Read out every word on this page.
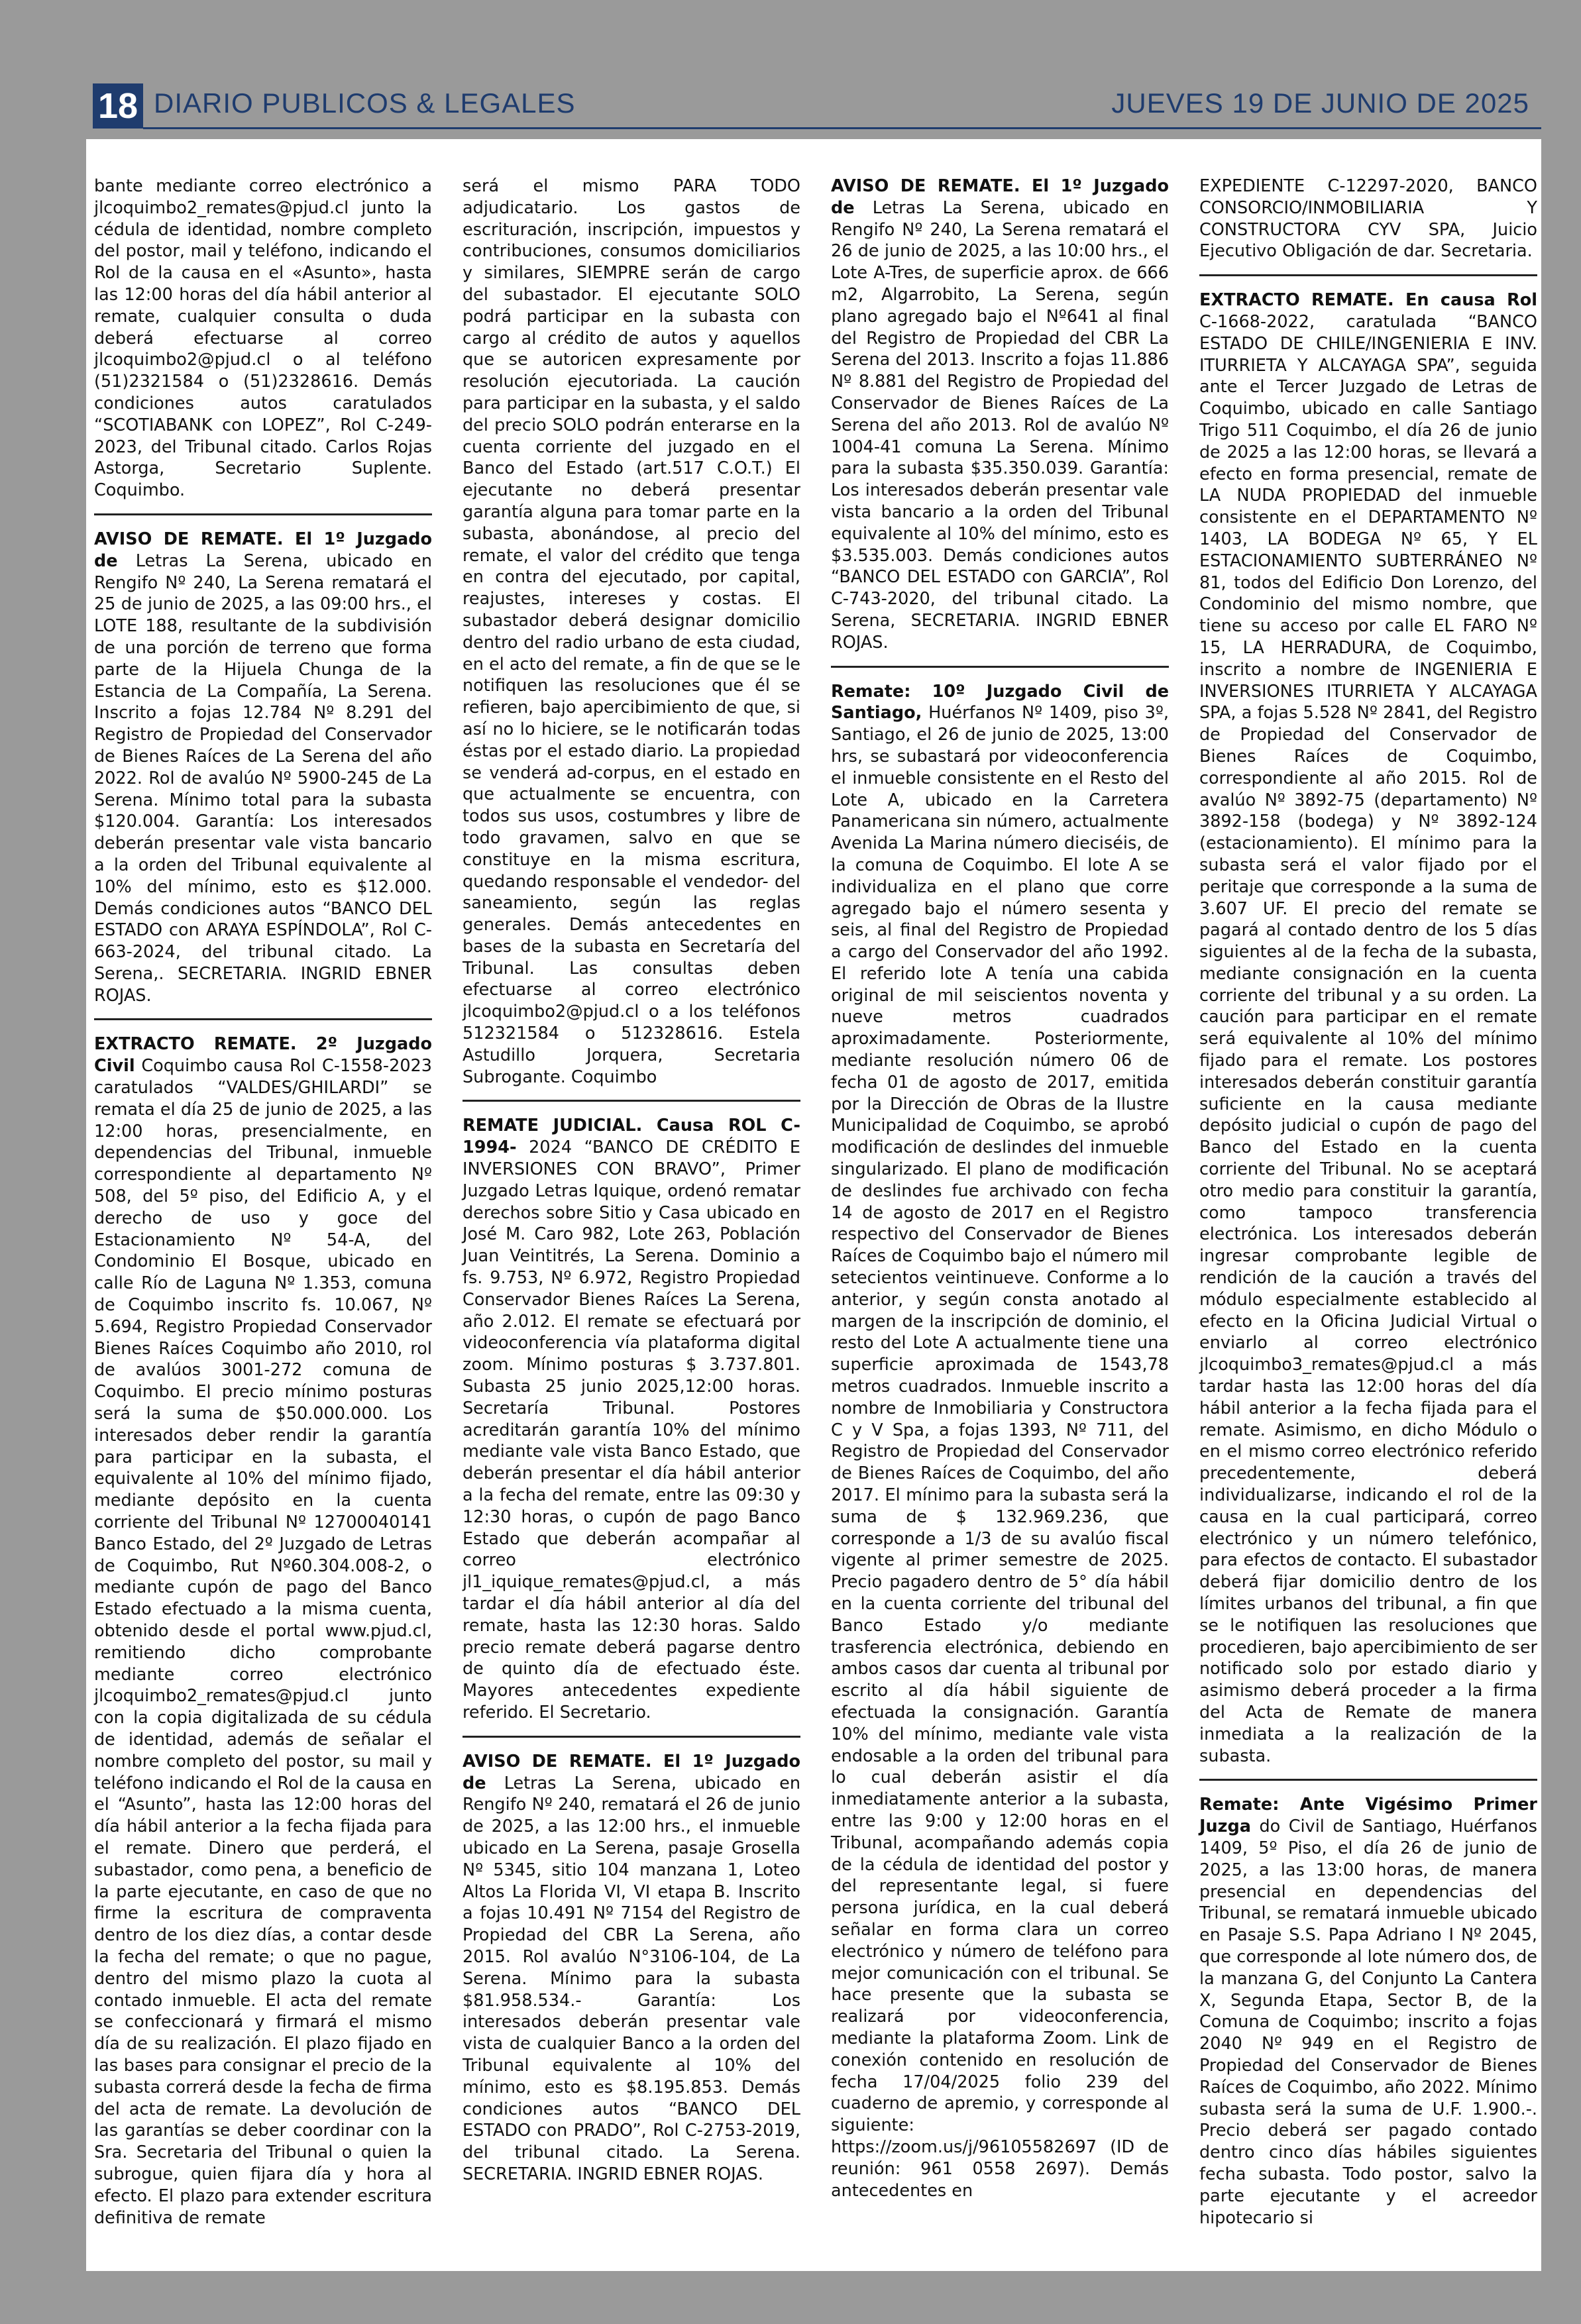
18 DIARIO PUBLICOS & LEGALES	JUEVES 19 DE JUNIO DE 2025
bante mediante correo electrónico a jlcoquimbo2_remates@pjud.cl junto la cédula de identidad, nombre completo del postor, mail y teléfono, indicando el Rol de la causa en el «Asunto», hasta las 12:00 horas del día hábil anterior al remate, cualquier consulta o duda deberá efectuarse al correo jlcoquimbo2@pjud.cl o al teléfono (51)2321584 o (51)2328616. Demás condiciones autos caratulados “SCOTIABANK con LOPEZ”, Rol C-249-2023, del Tribunal citado. Carlos Rojas Astorga, Secretario Suplente. Coquimbo.
AVISO DE REMATE. El 1º Juzgado de Letras La Serena, ubicado en Rengifo Nº 240, La Serena rematará el 25 de junio de 2025, a las 09:00 hrs., el LOTE 188, resultante de la subdivisión de una porción de terreno que forma parte de la Hijuela Chunga de la Estancia de La Compañía, La Serena. Inscrito a fojas 12.784 Nº 8.291 del Registro de Propiedad del Conservador de Bienes Raíces de La Serena del año 2022. Rol de avalúo Nº 5900-245 de La Serena. Mínimo total para la subasta $120.004. Garantía: Los interesados deberán presentar vale vista bancario a la orden del Tribunal equivalente al 10% del mínimo, esto es $12.000. Demás condiciones autos “BANCO DEL ESTADO con ARAYA ESPÍNDOLA”, Rol C-663-2024, del tribunal citado. La Serena,. SECRETARIA. INGRID EBNER ROJAS.
EXTRACTO REMATE. 2º Juzgado Civil Coquimbo causa Rol C-1558-2023 caratulados “VALDES/GHILARDI” se remata el día 25 de junio de 2025, a las 12:00 horas, presencialmente, en dependencias del Tribunal, inmueble correspondiente al departamento Nº 508, del 5º piso, del Edificio A, y el derecho de uso y goce del Estacionamiento Nº 54-A, del Condominio El Bosque, ubicado en calle Río de Laguna Nº 1.353, comuna de Coquimbo inscrito fs. 10.067, Nº 5.694, Registro Propiedad Conservador Bienes Raíces Coquimbo año 2010, rol de avalúos 3001-272 comuna de Coquimbo. El precio mínimo posturas será la suma de $50.000.000. Los interesados deber rendir la garantía para participar en la subasta, el equivalente al 10% del mínimo fijado, mediante depósito en la cuenta corriente del Tribunal Nº 12700040141 Banco Estado, del 2º Juzgado de Letras de Coquimbo, Rut Nº60.304.008-2, o mediante cupón de pago del Banco Estado efectuado a la misma cuenta, obtenido desde el portal www.pjud.cl, remitiendo dicho comprobante mediante correo electrónico jlcoquimbo2_remates@pjud.cl junto con la copia digitalizada de su cédula de identidad, además de señalar el nombre completo del postor, su mail y teléfono indicando el Rol de la causa en el “Asunto”, hasta las 12:00 horas del día hábil anterior a la fecha fijada para el remate. Dinero que perderá, el subastador, como pena, a beneficio de la parte ejecutante, en caso de que no firme la escritura de compraventa dentro de los diez días, a contar desde la fecha del remate; o que no pague, dentro del mismo plazo la cuota al contado inmueble. El acta del remate se confeccionará y firmará el mismo día de su realización. El plazo fijado en las bases para consignar el precio de la subasta correrá desde la fecha de firma del acta de remate. La devolución de las garantías se deber coordinar con la Sra. Secretaria del Tribunal o quien la subrogue, quien fijara día y hora al efecto. El plazo para extender escritura definitiva de remate
será el mismo PARA TODO adjudicatario. Los gastos de escrituración, inscripción, impuestos y contribuciones, consumos domiciliarios y similares, SIEMPRE serán de cargo del subastador. El ejecutante SOLO podrá participar en la subasta con cargo al crédito de autos y aquellos que se autoricen expresamente por resolución ejecutoriada. La caución para participar en la subasta, y el saldo del precio SOLO podrán enterarse en la cuenta corriente del juzgado en el Banco del Estado (art.517 C.O.T.) El ejecutante no deberá presentar garantía alguna para tomar parte en la subasta, abonándose, al precio del remate, el valor del crédito que tenga en contra del ejecutado, por capital, reajustes, intereses y costas. El subastador deberá designar domicilio dentro del radio urbano de esta ciudad, en el acto del remate, a fin de que se le notifiquen las resoluciones que él se refieren, bajo apercibimiento de que, si así no lo hiciere, se le notificarán todas éstas por el estado diario. La propiedad se venderá ad-corpus, en el estado en que actualmente se encuentra, con todos sus usos, costumbres y libre de todo gravamen, salvo en que se constituye en la misma escritura, quedando responsable el vendedor- del saneamiento, según las reglas generales. Demás antecedentes en bases de la subasta en Secretaría del Tribunal. Las consultas deben efectuarse al correo electrónico jlcoquimbo2@pjud.cl o a los teléfonos 512321584 o 512328616. Estela Astudillo Jorquera, Secretaria Subrogante. Coquimbo
REMATE JUDICIAL. Causa ROL C-1994- 2024 “BANCO DE CRÉDITO E INVERSIONES CON BRAVO”, Primer Juzgado Letras Iquique, ordenó rematar derechos sobre Sitio y Casa ubicado en José M. Caro 982, Lote 263, Población Juan Veintitrés, La Serena. Dominio a fs. 9.753, Nº 6.972, Registro Propiedad Conservador Bienes Raíces La Serena, año 2.012. El remate se efectuará por videoconferencia vía plataforma digital zoom. Mínimo posturas $ 3.737.801. Subasta 25 junio 2025,12:00 horas. Secretaría Tribunal. Postores acreditarán garantía 10% del mínimo mediante vale vista Banco Estado, que deberán presentar el día hábil anterior a la fecha del remate, entre las 09:30 y 12:30 horas, o cupón de pago Banco Estado que deberán acompañar al correo electrónico jl1_iquique_remates@pjud.cl, a más tardar el día hábil anterior al día del remate, hasta las 12:30 horas. Saldo precio remate deberá pagarse dentro de quinto día de efectuado éste. Mayores antecedentes expediente referido. El Secretario.
AVISO DE REMATE. El 1º Juzgado de Letras La Serena, ubicado en Rengifo Nº 240, rematará el 26 de junio de 2025, a las 12:00 hrs., el inmueble ubicado en La Serena, pasaje Grosella Nº 5345, sitio 104 manzana 1, Loteo Altos La Florida VI, VI etapa B. Inscrito a fojas 10.491 Nº 7154 del Registro de Propiedad del CBR La Serena, año 2015. Rol avalúo N°3106-104, de La Serena. Mínimo para la subasta $81.958.534.- Garantía: Los interesados deberán presentar vale vista de cualquier Banco a la orden del Tribunal equivalente al 10% del mínimo, esto es $8.195.853. Demás condiciones autos “BANCO DEL ESTADO con PRADO”, Rol C-2753-2019, del tribunal citado. La Serena. SECRETARIA. INGRID EBNER ROJAS.
AVISO DE REMATE. El 1º Juzgado de Letras La Serena, ubicado en Rengifo Nº 240, La Serena rematará el 26 de junio de 2025, a las 10:00 hrs., el Lote A-Tres, de superficie aprox. de 666 m2, Algarrobito, La Serena, según plano agregado bajo el Nº641 al final del Registro de Propiedad del CBR La Serena del 2013. Inscrito a fojas 11.886 Nº 8.881 del Registro de Propiedad del Conservador de Bienes Raíces de La Serena del año 2013. Rol de avalúo Nº 1004-41 comuna La Serena. Mínimo para la subasta $35.350.039. Garantía: Los interesados deberán presentar vale vista bancario a la orden del Tribunal equivalente al 10% del mínimo, esto es $3.535.003. Demás condiciones autos “BANCO DEL ESTADO con GARCIA”, Rol C-743-2020, del tribunal citado. La Serena, SECRETARIA. INGRID EBNER ROJAS.
Remate: 10º Juzgado Civil de Santiago, Huérfanos Nº 1409, piso 3º, Santiago, el 26 de junio de 2025, 13:00 hrs, se subastará por videoconferencia el inmueble consistente en el Resto del Lote A, ubicado en la Carretera Panamericana sin número, actualmente Avenida La Marina número dieciséis, de la comuna de Coquimbo. El lote A se individualiza en el plano que corre agregado bajo el número sesenta y seis, al final del Registro de Propiedad a cargo del Conservador del año 1992. El referido lote A tenía una cabida original de mil seiscientos noventa y nueve metros cuadrados aproximadamente. Posteriormente, mediante resolución número 06 de fecha 01 de agosto de 2017, emitida por la Dirección de Obras de la Ilustre Municipalidad de Coquimbo, se aprobó modificación de deslindes del inmueble singularizado. El plano de modificación de deslindes fue archivado con fecha 14 de agosto de 2017 en el Registro respectivo del Conservador de Bienes Raíces de Coquimbo bajo el número mil setecientos veintinueve. Conforme a lo anterior, y según consta anotado al margen de la inscripción de dominio, el resto del Lote A actualmente tiene una superficie aproximada de 1543,78 metros cuadrados. Inmueble inscrito a nombre de Inmobiliaria y Constructora C y V Spa, a fojas 1393, Nº 711, del Registro de Propiedad del Conservador de Bienes Raíces de Coquimbo, del año 2017. El mínimo para la subasta será la suma de $ 132.969.236, que corresponde a 1/3 de su avalúo fiscal vigente al primer semestre de 2025. Precio pagadero dentro de 5° día hábil en la cuenta corriente del tribunal del Banco Estado y/o mediante trasferencia electrónica, debiendo en ambos casos dar cuenta al tribunal por escrito al día hábil siguiente de efectuada la consignación. Garantía 10% del mínimo, mediante vale vista endosable a la orden del tribunal para lo cual deberán asistir el día inmediatamente anterior a la subasta, entre las 9:00 y 12:00 horas en el Tribunal, acompañando además copia de la cédula de identidad del postor y del representante legal, si fuere persona jurídica, en la cual deberá señalar en forma clara un correo electrónico y número de teléfono para mejor comunicación con el tribunal. Se hace presente que la subasta se realizará por videoconferencia, mediante la plataforma Zoom. Link de conexión contenido en resolución de fecha 17/04/2025 folio 239 del cuaderno de apremio, y corresponde al siguiente: https://zoom.us/j/96105582697 (ID de reunión: 961 0558 2697). Demás antecedentes en
EXPEDIENTE C-12297-2020, BANCO CONSORCIO/INMOBILIARIA Y CONSTRUCTORA CYV SPA, Juicio Ejecutivo Obligación de dar. Secretaria.
EXTRACTO REMATE. En causa Rol C-1668-2022, caratulada “BANCO ESTADO DE CHILE/INGENIERIA E INV. ITURRIETA Y ALCAYAGA SPA”, seguida ante el Tercer Juzgado de Letras de Coquimbo, ubicado en calle Santiago Trigo 511 Coquimbo, el día 26 de junio de 2025 a las 12:00 horas, se llevará a efecto en forma presencial, remate de LA NUDA PROPIEDAD del inmueble consistente en el DEPARTAMENTO Nº 1403, LA BODEGA Nº 65, Y EL ESTACIONAMIENTO SUBTERRÁNEO Nº 81, todos del Edificio Don Lorenzo, del Condominio del mismo nombre, que tiene su acceso por calle EL FARO Nº 15, LA HERRADURA, de Coquimbo, inscrito a nombre de INGENIERIA E INVERSIONES ITURRIETA Y ALCAYAGA SPA, a fojas 5.528 Nº 2841, del Registro de Propiedad del Conservador de Bienes Raíces de Coquimbo, correspondiente al año 2015. Rol de avalúo Nº 3892-75 (departamento) Nº 3892-158 (bodega) y Nº 3892-124 (estacionamiento). El mínimo para la subasta será el valor fijado por el peritaje que corresponde a la suma de 3.607 UF. El precio del remate se pagará al contado dentro de los 5 días siguientes al de la fecha de la subasta, mediante consignación en la cuenta corriente del tribunal y a su orden. La caución para participar en el remate será equivalente al 10% del mínimo fijado para el remate. Los postores interesados deberán constituir garantía suficiente en la causa mediante depósito judicial o cupón de pago del Banco del Estado en la cuenta corriente del Tribunal. No se aceptará otro medio para constituir la garantía, como tampoco transferencia electrónica. Los interesados deberán ingresar comprobante legible de rendición de la caución a través del módulo especialmente establecido al efecto en la Oficina Judicial Virtual o enviarlo al correo electrónico jlcoquimbo3_remates@pjud.cl a más tardar hasta las 12:00 horas del día hábil anterior a la fecha fijada para el remate. Asimismo, en dicho Módulo o en el mismo correo electrónico referido precedentemente, deberá individualizarse, indicando el rol de la causa en la cual participará, correo electrónico y un número telefónico, para efectos de contacto. El subastador deberá fijar domicilio dentro de los límites urbanos del tribunal, a fin que se le notifiquen las resoluciones que procedieren, bajo apercibimiento de ser notificado solo por estado diario y asimismo deberá proceder a la firma del Acta de Remate de manera inmediata a la realización de la subasta.
Remate: Ante Vigésimo Primer Juzga do Civil de Santiago, Huérfanos 1409, 5º Piso, el día 26 de junio de 2025, a las 13:00 horas, de manera presencial en dependencias del Tribunal, se rematará inmueble ubicado en Pasaje S.S. Papa Adriano I Nº 2045, que corresponde al lote número dos, de la manzana G, del Conjunto La Cantera X, Segunda Etapa, Sector B, de la Comuna de Coquimbo; inscrito a fojas 2040 Nº 949 en el Registro de Propiedad del Conservador de Bienes Raíces de Coquimbo, año 2022. Mínimo subasta será la suma de U.F. 1.900.-. Precio deberá ser pagado contado dentro cinco días hábiles siguientes fecha subasta. Todo postor, salvo la parte ejecutante y el acreedor hipotecario si
